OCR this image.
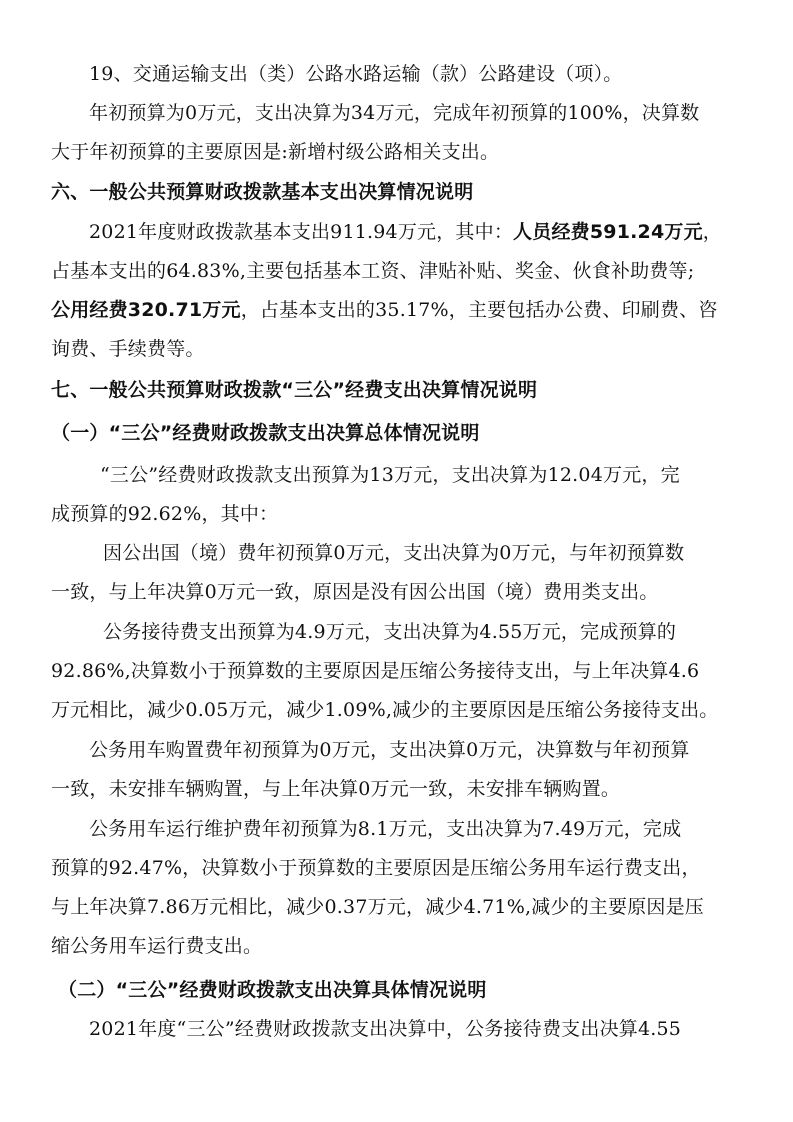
19、交通运输支出（类）公路水路运输（款）公路建设（项）。
年初预算为0万元，支出决算为34万元，完成年初预算的100%，决算数
大于年初预算的主要原因是:新增村级公路相关支出。
六、一般公共预算财政拨款基本支出决算情况说明
2021年度财政拨款基本支出911.94万元，其中：人员经费591.24万元，
占基本支出的64.83%,主要包括基本工资、津贴补贴、奖金、伙食补助费等;
公用经费320.71万元，占基本支出的35.17%，主要包括办公费、印刷费、咨
询费、手续费等。
七、一般公共预算财政拨款“三公”经费支出决算情况说明
（一）“三公”经费财政拨款支出决算总体情况说明
“三公”经费财政拨款支出预算为13万元，支出决算为12.04万元，完
成预算的92.62%，其中：
因公出国（境）费年初预算0万元，支出决算为0万元，与年初预算数
一致，与上年决算0万元一致，原因是没有因公出国（境）费用类支出。
公务接待费支出预算为4.9万元，支出决算为4.55万元，完成预算的
92.86%,决算数小于预算数的主要原因是压缩公务接待支出，与上年决算4.6
万元相比，减少0.05万元，减少1.09%,减少的主要原因是压缩公务接待支出。
公务用车购置费年初预算为0万元，支出决算0万元，决算数与年初预算
一致，未安排车辆购置，与上年决算0万元一致，未安排车辆购置。
公务用车运行维护费年初预算为8.1万元，支出决算为7.49万元，完成
预算的92.47%，决算数小于预算数的主要原因是压缩公务用车运行费支出，
与上年决算7.86万元相比，减少0.37万元，减少4.71%,减少的主要原因是压
缩公务用车运行费支出。
（二）“三公”经费财政拨款支出决算具体情况说明
2021年度“三公”经费财政拨款支出决算中，公务接待费支出决算4.55
